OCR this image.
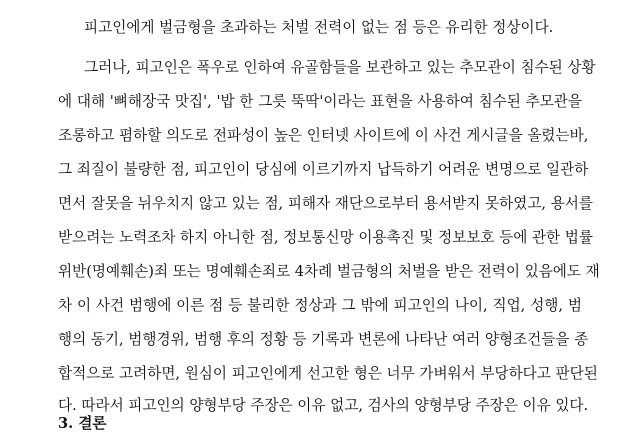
피고인에게 벌금형을 초과하는 처벌 전력이 없는 점 등은 유리한 정상이다.
그러나, 피고인은 폭우로 인하여 유골함들을 보관하고 있는 추모관이 침수된 상황
에 대해 '뼈해장국 맛집', '밥 한 그릇 뚝딱'이라는 표현을 사용하여 침수된 추모관을
조롱하고 폄하할 의도로 전파성이 높은 인터넷 사이트에 이 사건 게시글을 올렸는바,
그 죄질이 불량한 점, 피고인이 당심에 이르기까지 납득하기 어려운 변명으로 일관하
면서 잘못을 뉘우치지 않고 있는 점, 피해자 재단으로부터 용서받지 못하였고, 용서를
받으려는 노력조차 하지 아니한 점, 정보통신망 이용촉진 및 정보보호 등에 관한 법률
위반(명예훼손)죄 또는 명예훼손죄로 4차례 벌금형의 처벌을 받은 전력이 있음에도 재
차 이 사건 범행에 이른 점 등 불리한 정상과 그 밖에 피고인의 나이, 직업, 성행, 범
행의 동기, 범행경위, 범행 후의 정황 등 기록과 변론에 나타난 여러 양형조건들을 종
합적으로 고려하면, 원심이 피고인에게 선고한 형은 너무 가벼워서 부당하다고 판단된
다. 따라서 피고인의 양형부당 주장은 이유 없고, 검사의 양형부당 주장은 이유 있다.
3. 결론
